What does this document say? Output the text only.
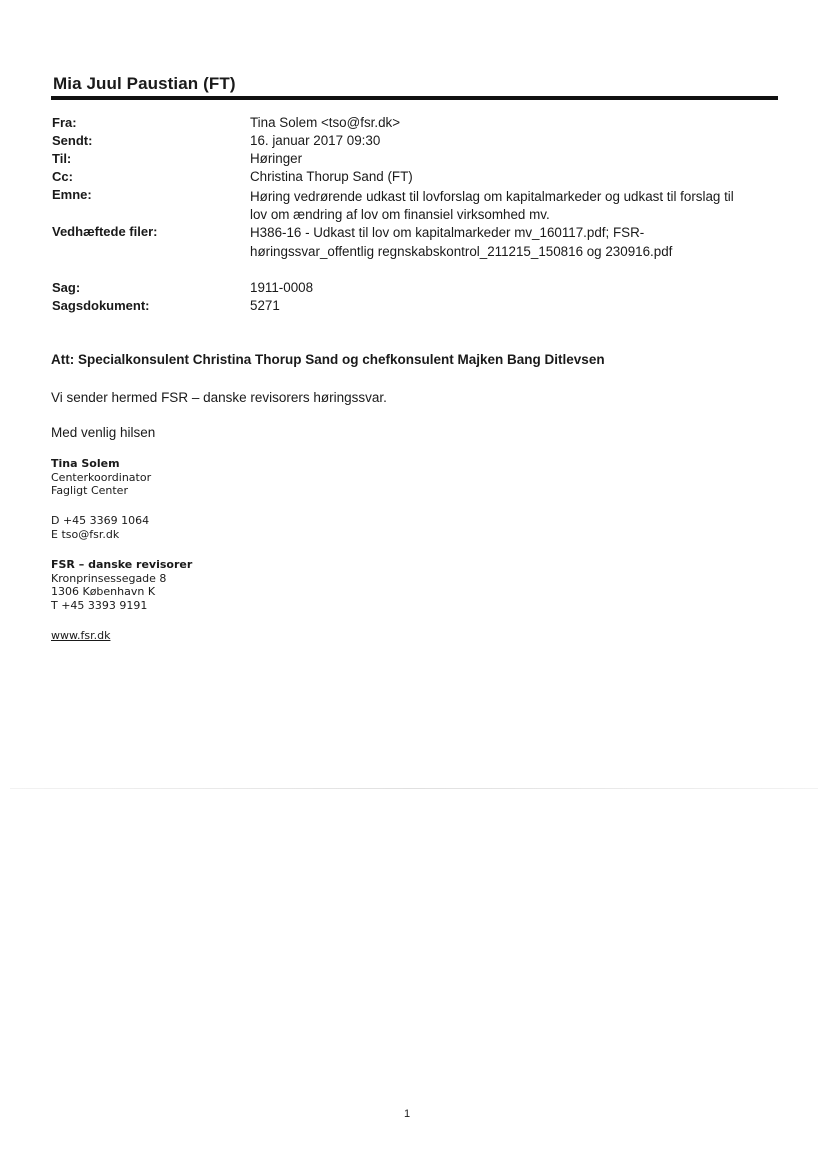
Mia Juul Paustian (FT)
Fra:	Tina Solem <tso@fsr.dk>
Sendt:	16. januar 2017 09:30
Til:	Høringer
Cc:	Christina Thorup Sand (FT)
Emne:	Høring vedrørende udkast til lovforslag om kapitalmarkeder og udkast til forslag til
lov om ændring af lov om finansiel virksomhed mv.
Vedhæftede filer:	H386-16 - Udkast til lov om kapitalmarkeder mv_160117.pdf; FSR-
høringssvar_offentlig regnskabskontrol_211215_150816 og 230916.pdf
Sag:	1911-0008
Sagsdokument:	5271
Att: Specialkonsulent Christina Thorup Sand og chefkonsulent Majken Bang Ditlevsen
Vi sender hermed FSR – danske revisorers høringssvar.
Med venlig hilsen
Tina Solem
Centerkoordinator
Fagligt Center
D +45 3369 1064
E tso@fsr.dk
FSR – danske revisorer
Kronprinsessegade 8
1306 København K
T +45 3393 9191
www.fsr.dk
1
